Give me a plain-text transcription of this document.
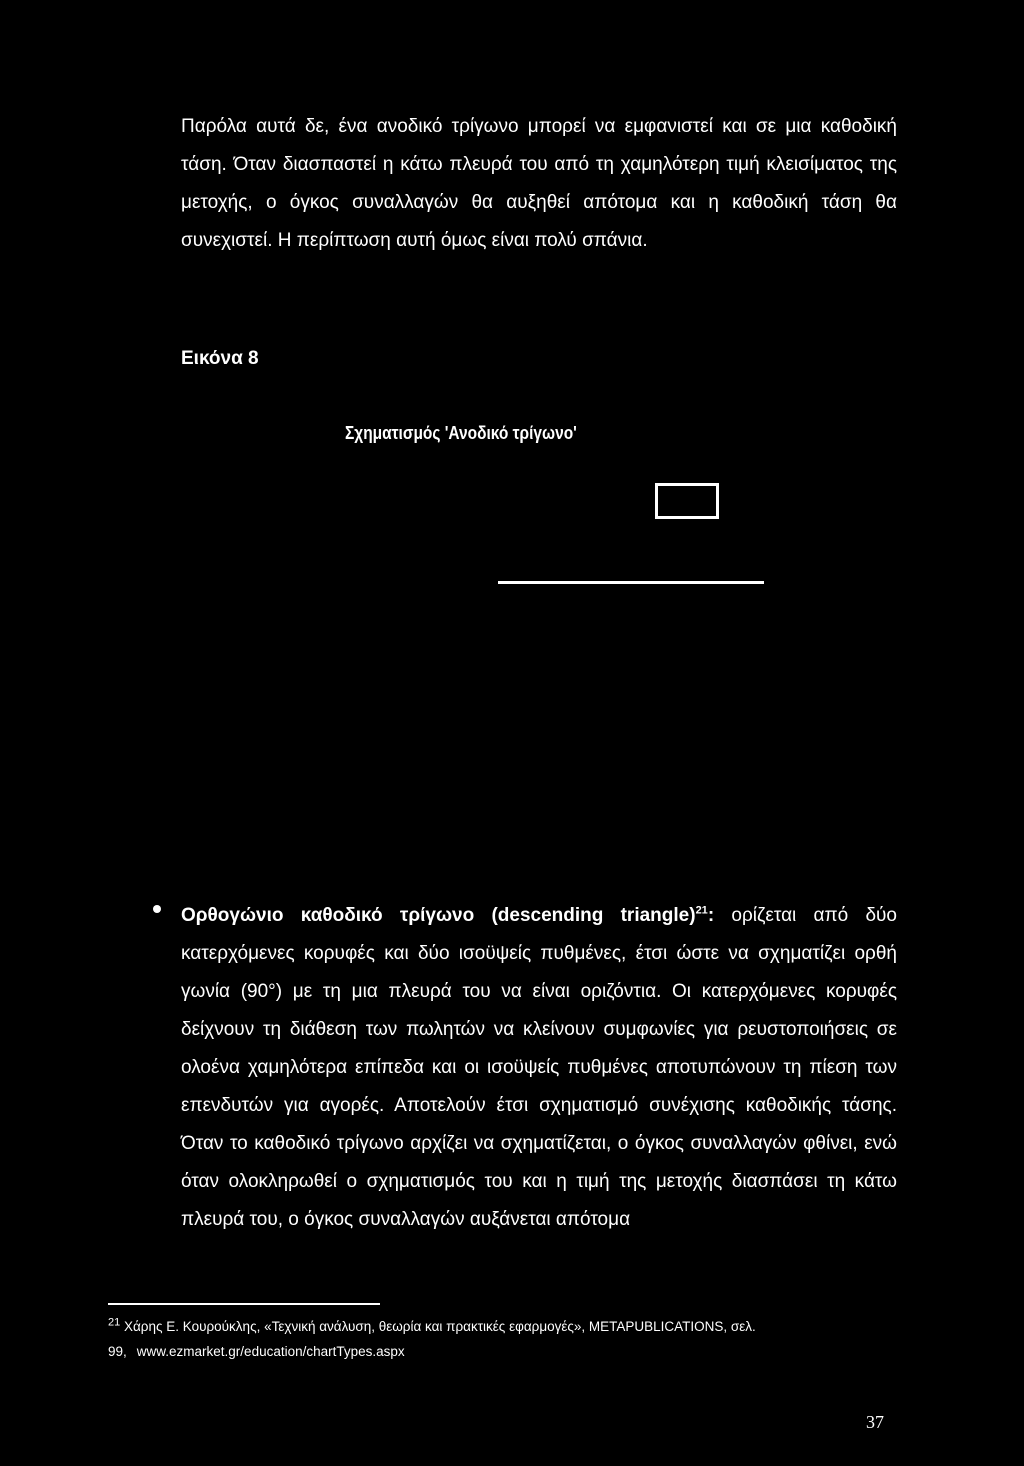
Παρόλα αυτά δε, ένα ανοδικό τρίγωνο μπορεί να εμφανιστεί και σε μια καθοδική τάση. Όταν διασπαστεί η κάτω πλευρά του από τη χαμηλότερη τιμή κλεισίματος της μετοχής, ο όγκος συναλλαγών θα αυξηθεί απότομα και η καθοδική τάση θα συνεχιστεί. Η περίπτωση αυτή όμως είναι πολύ σπάνια.

Εικόνα 8

Σχηματισμός 'Ανοδικό τρίγωνο'

Ορθογώνιο καθοδικό τρίγωνο (descending triangle)$^{21}$: ορίζεται από δύο κατερχόμενες κορυφές και δύο ισοϋψείς πυθμένες, έτσι ώστε να σχηματίζει ορθή γωνία (90°) με τη μια πλευρά του να είναι οριζόντια. Οι κατερχόμενες κορυφές δείχνουν τη διάθεση των πωλητών να κλείνουν συμφωνίες για ρευστοποιήσεις σε ολοένα χαμηλότερα επίπεδα και οι ισοϋψείς πυθμένες αποτυπώνουν τη πίεση των επενδυτών για αγορές. Αποτελούν έτσι σχηματισμό συνέχισης καθοδικής τάσης. Όταν το καθοδικό τρίγωνο αρχίζει να σχηματίζεται, ο όγκος συναλλαγών φθίνει, ενώ όταν ολοκληρωθεί ο σχηματισμός του και η τιμή της μετοχής διασπάσει τη κάτω πλευρά του, ο όγκος συναλλαγών αυξάνεται απότομα

$^{21}$ Χάρης Ε. Κουρούκλης, «Τεχνική ανάλυση, θεωρία και πρακτικές εφαρμογές», METAPUBLICATIONS, σελ. 99, www.ezmarket.gr/education/chartTypes.aspx

37
